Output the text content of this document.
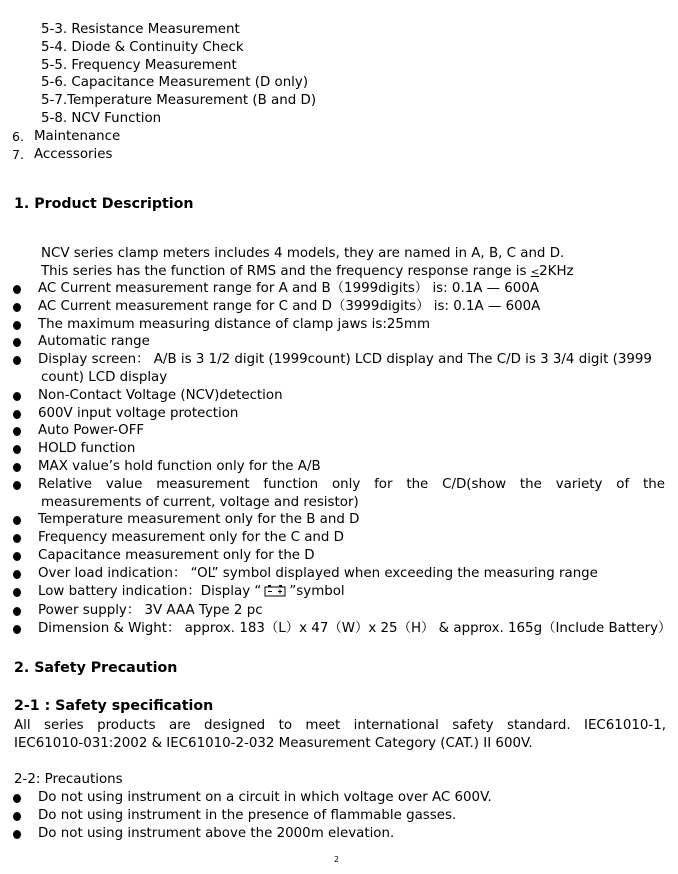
5-3. Resistance Measurement
5-4. Diode & Continuity Check
5-5. Frequency Measurement
5-6. Capacitance Measurement (D only)
5-7.Temperature Measurement (B and D)
5-8. NCV Function
6. Maintenance
7. Accessories
1. Product Description
NCV series clamp meters includes 4 models, they are named in A, B, C and D.
This series has the function of RMS and the frequency response range is ≤2KHz
AC Current measurement range for A and B（1999digits） is: 0.1A — 600A
AC Current measurement range for C and D（3999digits） is: 0.1A — 600A
The maximum measuring distance of clamp jaws is:25mm
Automatic range
Display screen： A/B is 3 1/2 digit (1999count) LCD display and The C/D is 3 3/4 digit (3999
count) LCD display
Non-Contact Voltage (NCV)detection
600V input voltage protection
Auto Power-OFF
HOLD function
MAX value’s hold function only for the A/B
Relative value measurement function only for the C/D(show the variety of the
measurements of current, voltage and resistor)
Temperature measurement only for the B and D
Frequency measurement only for the C and D
Capacitance measurement only for the D
Over load indication： “OL” symbol displayed when exceeding the measuring range
Low battery indication：Display “ ”symbol
Power supply： 3V AAA Type 2 pc
Dimension & Wight： approx. 183（L）x 47（W）x 25（H） & approx. 165g（Include Battery）
2. Safety Precaution
2-1 : Safety specification
All series products are designed to meet international safety standard. IEC61010-1,
IEC61010-031:2002 & IEC61010-2-032 Measurement Category (CAT.) II 600V.
2-2: Precautions
Do not using instrument on a circuit in which voltage over AC 600V.
Do not using instrument in the presence of flammable gasses.
Do not using instrument above the 2000m elevation.
2
